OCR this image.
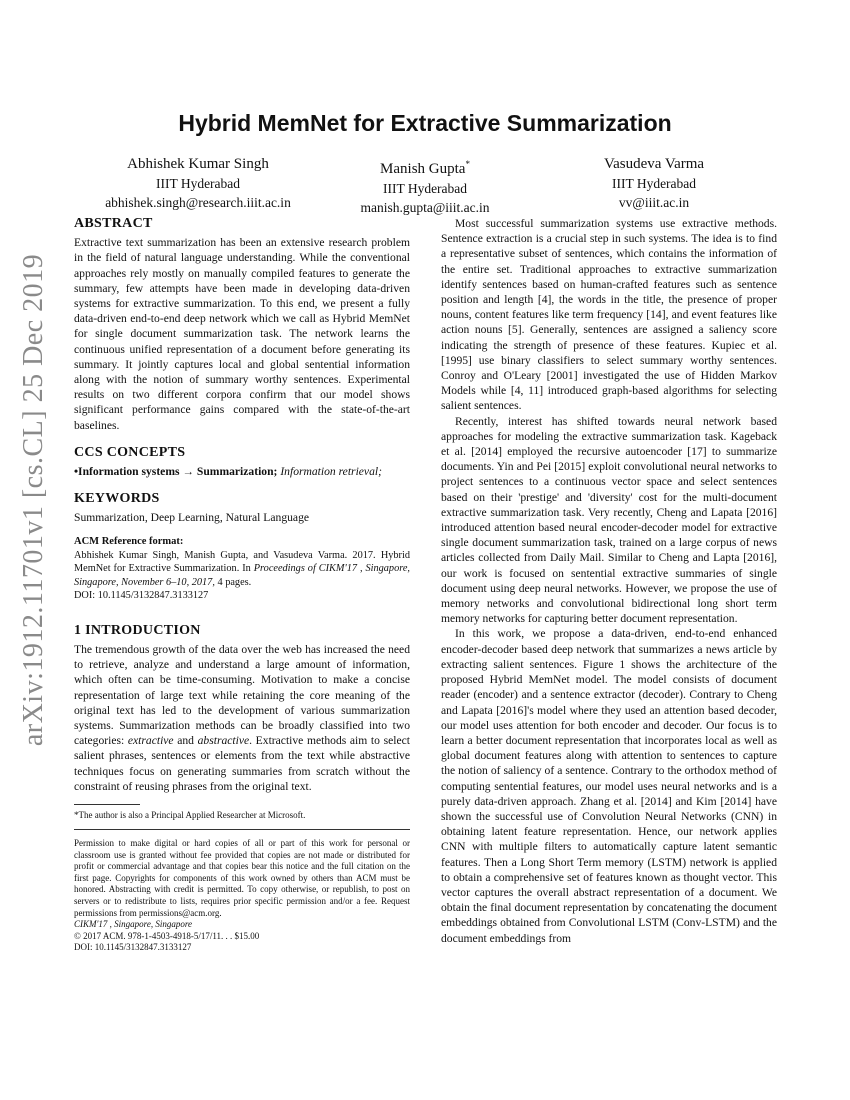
arXiv:1912.11701v1 [cs.CL] 25 Dec 2019
Hybrid MemNet for Extractive Summarization
Abhishek Kumar Singh
IIIT Hyderabad
abhishek.singh@research.iiit.ac.in
Manish Gupta*
IIIT Hyderabad
manish.gupta@iiit.ac.in
Vasudeva Varma
IIIT Hyderabad
vv@iiit.ac.in
ABSTRACT

Extractive text summarization has been an extensive research problem in the field of natural language understanding. While the conventional approaches rely mostly on manually compiled features to generate the summary, few attempts have been made in developing data-driven systems for extractive summarization. To this end, we present a fully data-driven end-to-end deep network which we call as Hybrid MemNet for single document summarization task. The network learns the continuous unified representation of a document before generating its summary. It jointly captures local and global sentential information along with the notion of summary worthy sentences. Experimental results on two different corpora confirm that our model shows significant performance gains compared with the state-of-the-art baselines.

CCS CONCEPTS

•Information systems → Summarization; Information retrieval;

KEYWORDS

Summarization, Deep Learning, Natural Language

ACM Reference format:

Abhishek Kumar Singh, Manish Gupta, and Vasudeva Varma. 2017. Hybrid MemNet for Extractive Summarization. In Proceedings of CIKM'17 , Singapore, Singapore, November 6–10, 2017, 4 pages.

DOI: 10.1145/3132847.3133127

1 INTRODUCTION

The tremendous growth of the data over the web has increased the need to retrieve, analyze and understand a large amount of information, which often can be time-consuming. Motivation to make a concise representation of large text while retaining the core meaning of the original text has led to the development of various summarization systems. Summarization methods can be broadly classified into two categories: extractive and abstractive. Extractive methods aim to select salient phrases, sentences or elements from the text while abstractive techniques focus on generating summaries from scratch without the constraint of reusing phrases from the original text.

*The author is also a Principal Applied Researcher at Microsoft.
Permission to make digital or hard copies of all or part of this work for personal or classroom use is granted without fee provided that copies are not made or distributed for profit or commercial advantage and that copies bear this notice and the full citation on the first page. Copyrights for components of this work owned by others than ACM must be honored. Abstracting with credit is permitted. To copy otherwise, or republish, to post on servers or to redistribute to lists, requires prior specific permission and/or a fee. Request permissions from permissions@acm.org.
CIKM'17 , Singapore, Singapore
© 2017 ACM. 978-1-4503-4918-5/17/11. . . $15.00
DOI: 10.1145/3132847.3133127

Most successful summarization systems use extractive methods. Sentence extraction is a crucial step in such systems. The idea is to find a representative subset of sentences, which contains the information of the entire set. Traditional approaches to extractive summarization identify sentences based on human-crafted features such as sentence position and length [4], the words in the title, the presence of proper nouns, content features like term frequency [14], and event features like action nouns [5]. Generally, sentences are assigned a saliency score indicating the strength of presence of these features. Kupiec et al. [1995] use binary classifiers to select summary worthy sentences. Conroy and O'Leary [2001] investigated the use of Hidden Markov Models while [4, 11] introduced graph-based algorithms for selecting salient sentences.

Recently, interest has shifted towards neural network based approaches for modeling the extractive summarization task. Kageback et al. [2014] employed the recursive autoencoder [17] to summarize documents. Yin and Pei [2015] exploit convolutional neural networks to project sentences to a continuous vector space and select sentences based on their 'prestige' and 'diversity' cost for the multi-document extractive summarization task. Very recently, Cheng and Lapata [2016] introduced attention based neural encoder-decoder model for extractive single document summarization task, trained on a large corpus of news articles collected from Daily Mail. Similar to Cheng and Lapta [2016], our work is focused on sentential extractive summaries of single document using deep neural networks. However, we propose the use of memory networks and convolutional bidirectional long short term memory networks for capturing better document representation.

In this work, we propose a data-driven, end-to-end enhanced encoder-decoder based deep network that summarizes a news article by extracting salient sentences. Figure 1 shows the architecture of the proposed Hybrid MemNet model. The model consists of document reader (encoder) and a sentence extractor (decoder). Contrary to Cheng and Lapata [2016]'s model where they used an attention based decoder, our model uses attention for both encoder and decoder. Our focus is to learn a better document representation that incorporates local as well as global document features along with attention to sentences to capture the notion of saliency of a sentence. Contrary to the orthodox method of computing sentential features, our model uses neural networks and is a purely data-driven approach. Zhang et al. [2014] and Kim [2014] have shown the successful use of Convolution Neural Networks (CNN) in obtaining latent feature representation. Hence, our network applies CNN with multiple filters to automatically capture latent semantic features. Then a Long Short Term memory (LSTM) network is applied to obtain a comprehensive set of features known as thought vector. This vector captures the overall abstract representation of a document. We obtain the final document representation by concatenating the document embeddings obtained from Convolutional LSTM (Conv-LSTM) and the document embeddings from
